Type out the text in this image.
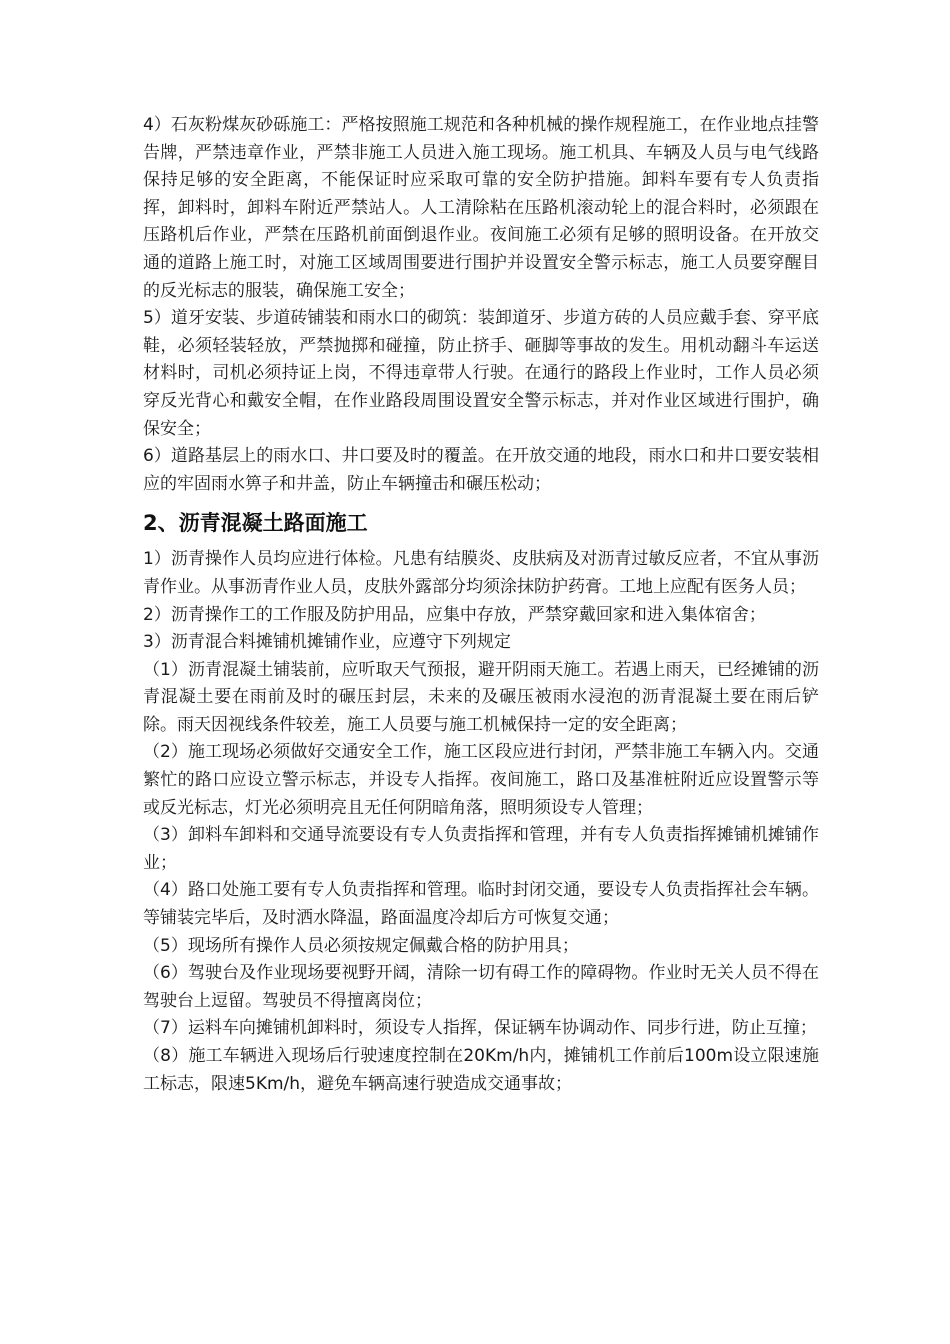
4）石灰粉煤灰砂砾施工：严格按照施工规范和各种机械的操作规程施工，在作业地点挂警告牌，严禁违章作业，严禁非施工人员进入施工现场。施工机具、车辆及人员与电气线路保持足够的安全距离，不能保证时应采取可靠的安全防护措施。卸料车要有专人负责指挥，卸料时，卸料车附近严禁站人。人工清除粘在压路机滚动轮上的混合料时，必须跟在压路机后作业，严禁在压路机前面倒退作业。夜间施工必须有足够的照明设备。在开放交通的道路上施工时，对施工区域周围要进行围护并设置安全警示标志，施工人员要穿醒目的反光标志的服装，确保施工安全；

5）道牙安装、步道砖铺装和雨水口的砌筑：装卸道牙、步道方砖的人员应戴手套、穿平底鞋，必须轻装轻放，严禁抛掷和碰撞，防止挤手、砸脚等事故的发生。用机动翻斗车运送材料时，司机必须持证上岗，不得违章带人行驶。在通行的路段上作业时，工作人员必须穿反光背心和戴安全帽，在作业路段周围设置安全警示标志，并对作业区域进行围护，确保安全；

6）道路基层上的雨水口、井口要及时的覆盖。在开放交通的地段，雨水口和井口要安装相应的牢固雨水箅子和井盖，防止车辆撞击和碾压松动；

2、沥青混凝土路面施工

1）沥青操作人员均应进行体检。凡患有结膜炎、皮肤病及对沥青过敏反应者，不宜从事沥青作业。从事沥青作业人员，皮肤外露部分均须涂抹防护药膏。工地上应配有医务人员；

2）沥青操作工的工作服及防护用品，应集中存放，严禁穿戴回家和进入集体宿舍；

3）沥青混合料摊铺机摊铺作业，应遵守下列规定

（1）沥青混凝土铺装前，应听取天气预报，避开阴雨天施工。若遇上雨天，已经摊铺的沥青混凝土要在雨前及时的碾压封层，未来的及碾压被雨水浸泡的沥青混凝土要在雨后铲除。雨天因视线条件较差，施工人员要与施工机械保持一定的安全距离；

（2）施工现场必须做好交通安全工作，施工区段应进行封闭，严禁非施工车辆入内。交通繁忙的路口应设立警示标志，并设专人指挥。夜间施工，路口及基准桩附近应设置警示等或反光标志，灯光必须明亮且无任何阴暗角落，照明须设专人管理；

（3）卸料车卸料和交通导流要设有专人负责指挥和管理，并有专人负责指挥摊铺机摊铺作业；

（4）路口处施工要有专人负责指挥和管理。临时封闭交通，要设专人负责指挥社会车辆。等铺装完毕后，及时洒水降温，路面温度冷却后方可恢复交通；

（5）现场所有操作人员必须按规定佩戴合格的防护用具；

（6）驾驶台及作业现场要视野开阔，清除一切有碍工作的障碍物。作业时无关人员不得在驾驶台上逗留。驾驶员不得擅离岗位；

（7）运料车向摊铺机卸料时，须设专人指挥，保证辆车协调动作、同步行进，防止互撞；

（8）施工车辆进入现场后行驶速度控制在20Km/h内，摊铺机工作前后100m设立限速施工标志，限速5Km/h，避免车辆高速行驶造成交通事故；
